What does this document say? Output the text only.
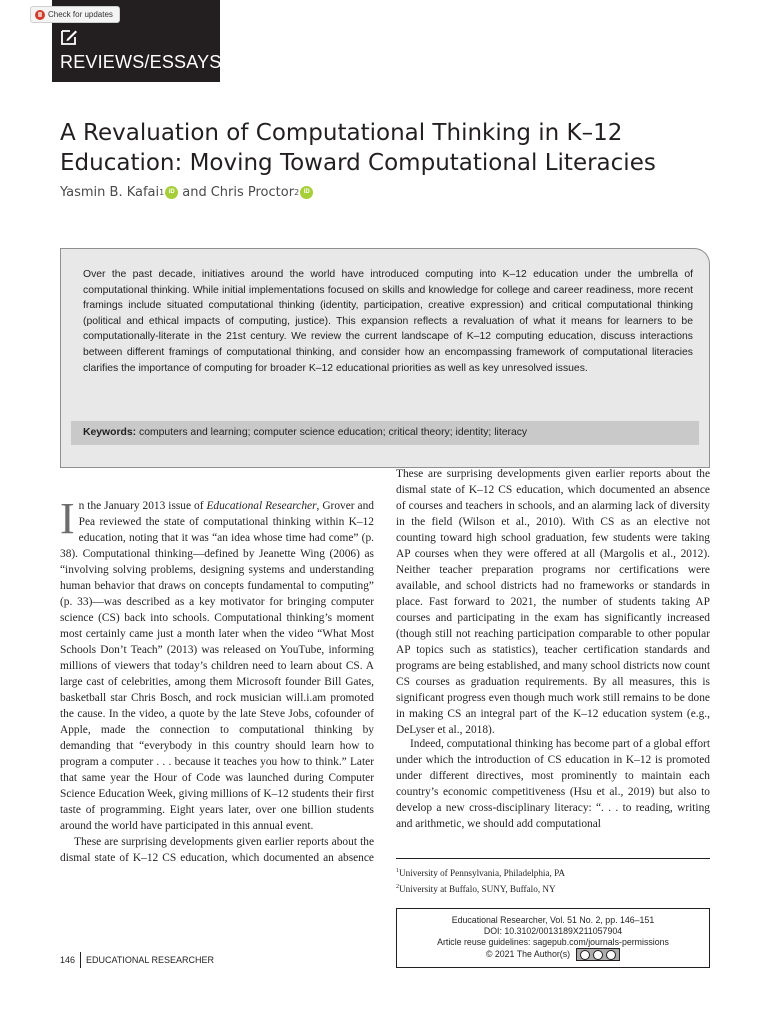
Check for updates
REVIEWS/ESSAYS
A Revaluation of Computational Thinking in K–12 Education: Moving Toward Computational Literacies
Yasmin B. Kafai 1 iD and Chris Proctor 2 iD

Over the past decade, initiatives around the world have introduced computing into K–12 education under the umbrella of computational thinking. While initial implementations focused on skills and knowledge for college and career readiness, more recent framings include situated computational thinking (identity, participation, creative expression) and critical computational thinking (political and ethical impacts of computing, justice). This expansion reflects a revaluation of what it means for learners to be computationally-literate in the 21st century. We review the current landscape of K–12 computing education, discuss interactions between different framings of computational thinking, and consider how an encompassing framework of computational literacies clarifies the importance of computing for broader K–12 educational priorities as well as key unresolved issues.

Keywords: computers and learning; computer science education; critical theory; identity; literacy

In the January 2013 issue of Educational Researcher, Grover and Pea reviewed the state of computational thinking within K–12 education, noting that it was “an idea whose time had come” (p. 38). Computational thinking—defined by Jeanette Wing (2006) as “involving solving problems, designing systems and understanding human behavior that draws on concepts fundamental to computing” (p. 33)—was described as a key motivator for bringing computer science (CS) back into schools. Computational thinking’s moment most certainly came just a month later when the video “What Most Schools Don’t Teach” (2013) was released on YouTube, informing millions of viewers that today’s children need to learn about CS. A large cast of celebrities, among them Microsoft founder Bill Gates, basketball star Chris Bosch, and rock musician will.i.am promoted the cause. In the video, a quote by the late Steve Jobs, cofounder of Apple, made the connection to computational thinking by demanding that “everybody in this country should learn how to program a computer . . . because it teaches you how to think.” Later that same year the Hour of Code was launched during Computer Science Education Week, giving millions of K–12 students their first taste of programming. Eight years later, over one billion students around the world have participated in this annual event.

These are surprising developments given earlier reports about the dismal state of K–12 CS education, which documented an absence

These are surprising developments given earlier reports about the dismal state of K–12 CS education, which documented an absence of courses and teachers in schools, and an alarming lack of diversity in the field (Wilson et al., 2010). With CS as an elective not counting toward high school graduation, few students were taking AP courses when they were offered at all (Margolis et al., 2012). Neither teacher preparation programs nor certifications were available, and school districts had no frameworks or standards in place. Fast forward to 2021, the number of students taking AP courses and participating in the exam has significantly increased (though still not reaching participation comparable to other popular AP topics such as statistics), teacher certification standards and programs are being established, and many school districts now count CS courses as graduation requirements. By all measures, this is significant progress even though much work still remains to be done in making CS an integral part of the K–12 education system (e.g., DeLyser et al., 2018).

Indeed, computational thinking has become part of a global effort under which the introduction of CS education in K–12 is promoted under different directives, most prominently to maintain each country’s economic competitiveness (Hsu et al., 2019) but also to develop a new cross-disciplinary literacy: “. . . to reading, writing and arithmetic, we should add computational

$^1$University of Pennsylvania, Philadelphia, PA
$^2$University at Buffalo, SUNY, Buffalo, NY
Educational Researcher, Vol. 51 No. 2, pp. 146–151
DOI: 10.3102/0013189X211057904
Article reuse guidelines: sagepub.com/journals-permissions
© 2021 The Author(s)
146	EDUCATIONAL RESEARCHER
